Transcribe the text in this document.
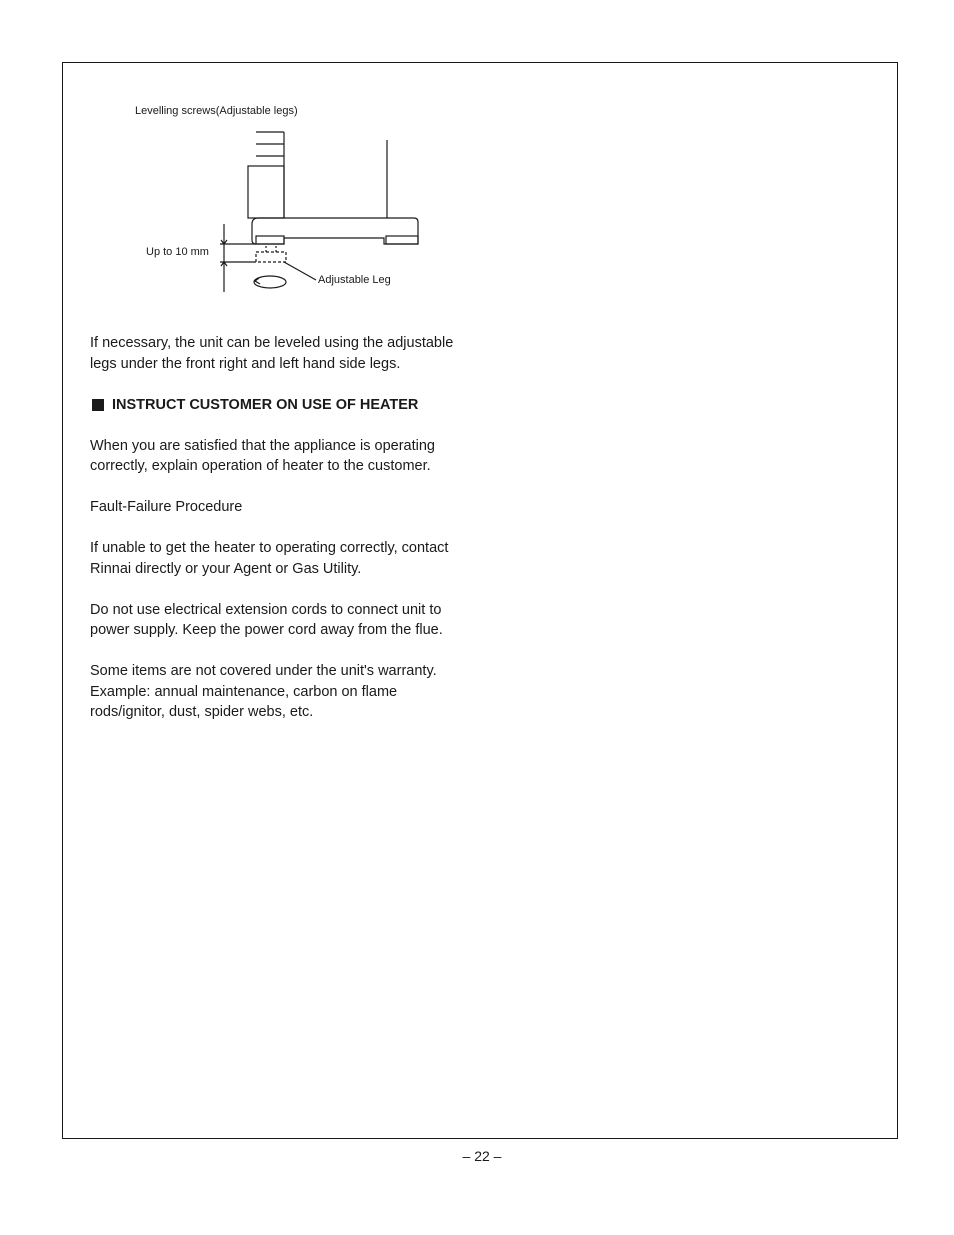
Levelling screws(Adjustable legs)
Up to 10 mm
Adjustable Leg

If necessary, the unit can be leveled using the adjustable legs under the front right and left hand side legs.

INSTRUCT CUSTOMER ON USE OF HEATER

When you are satisfied that the appliance is operating correctly, explain operation of heater to the customer.

Fault-Failure Procedure

If unable to get the heater to operating correctly, contact Rinnai directly or your Agent or Gas Utility.

Do not use electrical extension cords to connect unit to power supply. Keep the power cord away from the flue.

Some items are not covered under the unit's warranty. Example: annual maintenance, carbon on flame rods/ignitor, dust, spider webs, etc.

– 22 –
